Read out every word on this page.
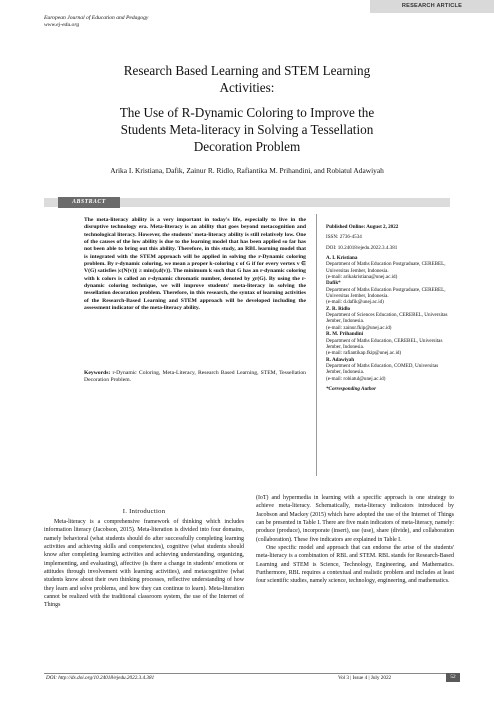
RESEARCH ARTICLE
European Journal of Education and Pedagogy
www.ej-edu.org
Research Based Learning and STEM Learning
Activities:
The Use of R-Dynamic Coloring to Improve the
Students Meta-literacy in Solving a Tessellation
Decoration Problem
Arika I. Kristiana, Dafik, Zainur R. Ridlo, Rafiantika M. Prihandini, and Robiatul Adawiyah
ABSTRACT

The meta-literacy ability is a very important in today's life, especially to live in the disruptive technology era. Meta-literacy is an ability that goes beyond metacognition and technological literacy. However, the students' meta-literacy ability is still relatively low. One of the causes of the low ability is due to the learning model that has been applied so far has not been able to bring out this ability. Therefore, in this study, an RBL learning model that is integrated with the STEM approach will be applied in solving the r-Dynamic coloring problem. By r-dynamic coloring, we mean a proper k-coloring c of G if for every vertex v ∈ V(G) satisfies |c(N(v))| ≥ min{r,d(v)}. The minimum k such that G has an r-dynamic coloring with k colors is called an r-dynamic chromatic number, denoted by χr(G). By using the r-dynamic coloring technique, we will improve students' meta-literacy in solving the tessellation decoration problem. Therefore, in this research, the syntax of learning activities of the Research-Based Learning and STEM approach will be developed including the assessment indicator of the meta-literacy ability.

Keywords: r-Dynamic Coloring, Meta-Literacy, Research Based Learning, STEM, Tessellation Decoration Problem.

Published Online: August 2, 2022

ISSN: 2736-4534

DOI: 10.24018/ejedu.2022.3.4.381

A. I. Kristiana

Department of Maths Education Postgraduate, CEREBEL, Universitas Jember, Indonesia.

(e-mail: arikakristiana@unej.ac.id)

Dafik*

Department of Maths Education Postgraduate, CEREBEL, Universitas Jember, Indonesia.

(e-mail: d.dafik@unej.ac.id)

Z. R. Ridlo

Department of Sciences Education, CEREBEL, Universitas Jember, Indonesia.

(e-mail: zainur.fkip@unej.ac.id)

R. M. Prihandini

Department of Maths Education, CEREBEL, Universitas Jember, Indonesia.

(e-mail: rafiantikap.fkip@unej.ac.id)

R. Adawiyah

Department of Maths Education, COMED, Universitas Jember, Indonesia.

(e-mail: robiatul@unej.ac.id)

*Corresponding Author

I. Introduction

Meta-literacy is a comprehensive framework of thinking which includes information literacy (Jacobson, 2015). Meta-literation is divided into four domains, namely behavioral (what students should do after successfully completing learning activities and achieving skills and competencies), cognitive (what students should know after completing learning activities and achieving understanding, organizing, implementing, and evaluating), affective (is there a change in students' emotions or attitudes through involvement with learning activities), and metacognitive (what students know about their own thinking processes, reflective understanding of how they learn and solve problems, and how they can continue to learn). Meta-literation cannot be realized with the traditional classroom system, the use of the Internet of Things

(IoT) and hypermedia in learning with a specific approach is one strategy to achieve meta-literacy. Schematically, meta-literacy indicators introduced by Jacobson and Mackey (2015) which have adopted the use of the Internet of Things can be presented in Table I. There are five main indicators of meta-literacy, namely: produce (produce), incorporate (insert), use (use), share (divide), and collaboration (collaboration). These five indicators are explained in Table I.

One specific model and approach that can endorse the arise of the students' meta-literacy is a combination of RBL and STEM. RBL stands for Research-Based Learning and STEM is Science, Technology, Engineering, and Mathematics. Furthermore, RBL requires a contextual and realistic problem and includes at least four scientific studies, namely science, technology, engineering, and mathematics.

DOI: http://dx.doi.org/10.24018/ejedu.2022.3.4.381	Vol 3 | Issue 4 | July 2022	52
